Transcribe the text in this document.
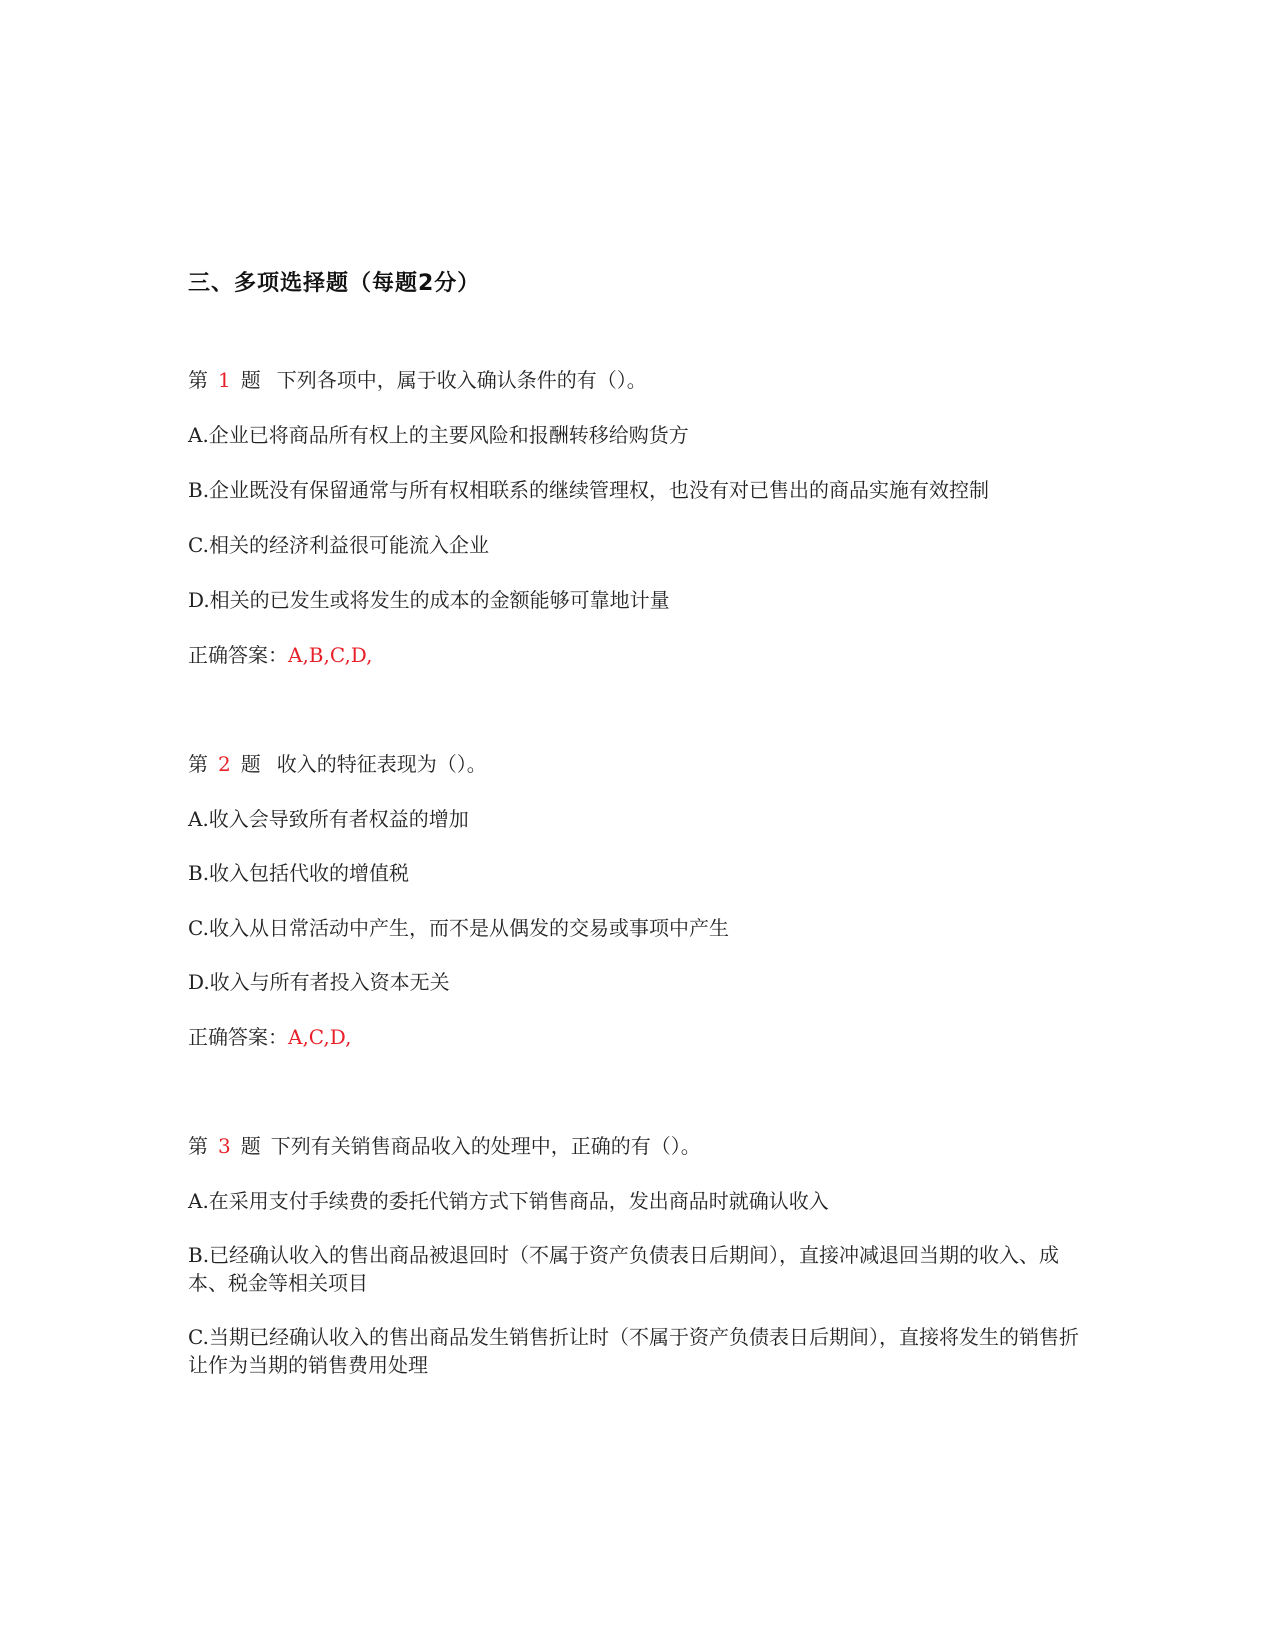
三、多项选择题（每题2分）
第 1 题 下列各项中，属于收入确认条件的有（）。
A.企业已将商品所有权上的主要风险和报酬转移给购货方
B.企业既没有保留通常与所有权相联系的继续管理权，也没有对已售出的商品实施有效控制
C.相关的经济利益很可能流入企业
D.相关的已发生或将发生的成本的金额能够可靠地计量
正确答案：A,B,C,D,
第 2 题 收入的特征表现为（）。
A.收入会导致所有者权益的增加
B.收入包括代收的增值税
C.收入从日常活动中产生，而不是从偶发的交易或事项中产生
D.收入与所有者投入资本无关
正确答案：A,C,D,
第 3 题 下列有关销售商品收入的处理中，正确的有（）。
A.在采用支付手续费的委托代销方式下销售商品，发出商品时就确认收入
B.已经确认收入的售出商品被退回时（不属于资产负债表日后期间），直接冲减退回当期的收入、成本、税金等相关项目
C.当期已经确认收入的售出商品发生销售折让时（不属于资产负债表日后期间），直接将发生的销售折让作为当期的销售费用处理
